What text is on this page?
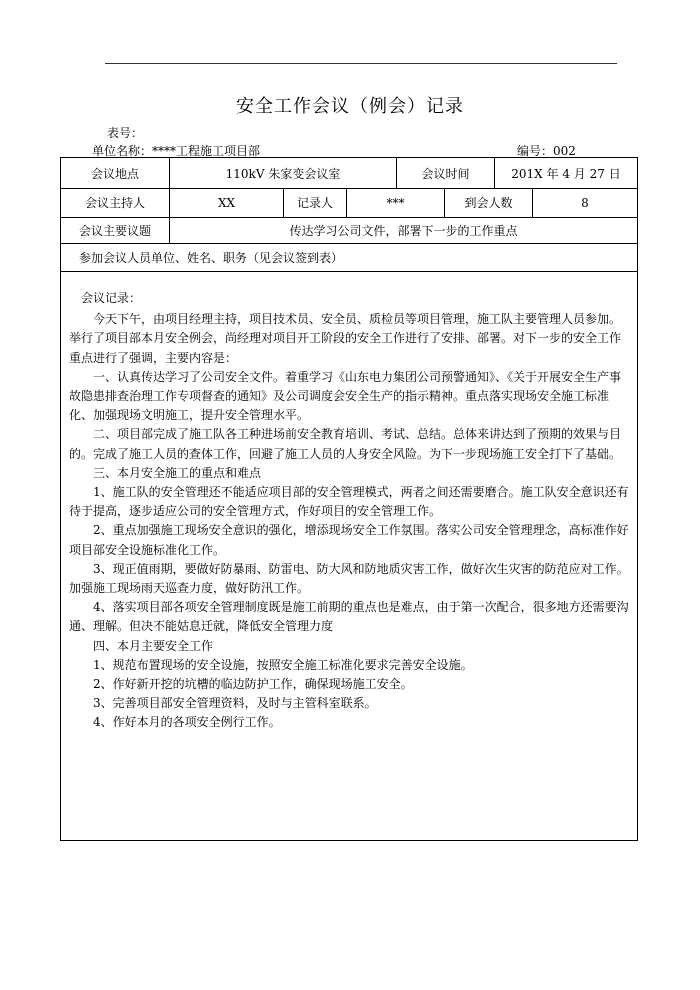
安全工作会议（例会）记录
表号：
单位名称：****工程施工项目部	编号：002
会议地点	110kV 朱家变会议室	会议时间	201X 年 4 月 27 日
会议主持人	XX	记录人	***	到会人数	8
会议主要议题	传达学习公司文件，部署下一步的工作重点
参加会议人员单位、姓名、职务（见会议签到表）

会议记录：

今天下午，由项目经理主持，项目技术员、安全员、质检员等项目管理，施工队主要管理人员参加。举行了项目部本月安全例会，尚经理对项目开工阶段的安全工作进行了安排、部署。对下一步的安全工作重点进行了强调，主要内容是：

一、认真传达学习了公司安全文件。着重学习《山东电力集团公司预警通知》、《关于开展安全生产事故隐患排查治理工作专项督查的通知》及公司调度会安全生产的指示精神。重点落实现场安全施工标准化、加强现场文明施工，提升安全管理水平。

二、项目部完成了施工队各工种进场前安全教育培训、考试、总结。总体来讲达到了预期的效果与目的。完成了施工人员的查体工作，回避了施工人员的人身安全风险。为下一步现场施工安全打下了基础。

三、本月安全施工的重点和难点

1、施工队的安全管理还不能适应项目部的安全管理模式，两者之间还需要磨合。施工队安全意识还有待于提高，逐步适应公司的安全管理方式，作好项目的安全管理工作。

2、重点加强施工现场安全意识的强化，增添现场安全工作氛围。落实公司安全管理理念，高标准作好项目部安全设施标准化工作。

3、现正值雨期，要做好防暴雨、防雷电、防大风和防地质灾害工作，做好次生灾害的防范应对工作。加强施工现场雨天巡查力度，做好防汛工作。

4、落实项目部各项安全管理制度既是施工前期的重点也是难点，由于第一次配合，很多地方还需要沟通、理解。但决不能姑息迁就，降低安全管理力度

四、本月主要安全工作

1、规范布置现场的安全设施，按照安全施工标准化要求完善安全设施。

2、作好新开挖的坑槽的临边防护工作，确保现场施工安全。

3、完善项目部安全管理资料，及时与主管科室联系。

4、作好本月的各项安全例行工作。
